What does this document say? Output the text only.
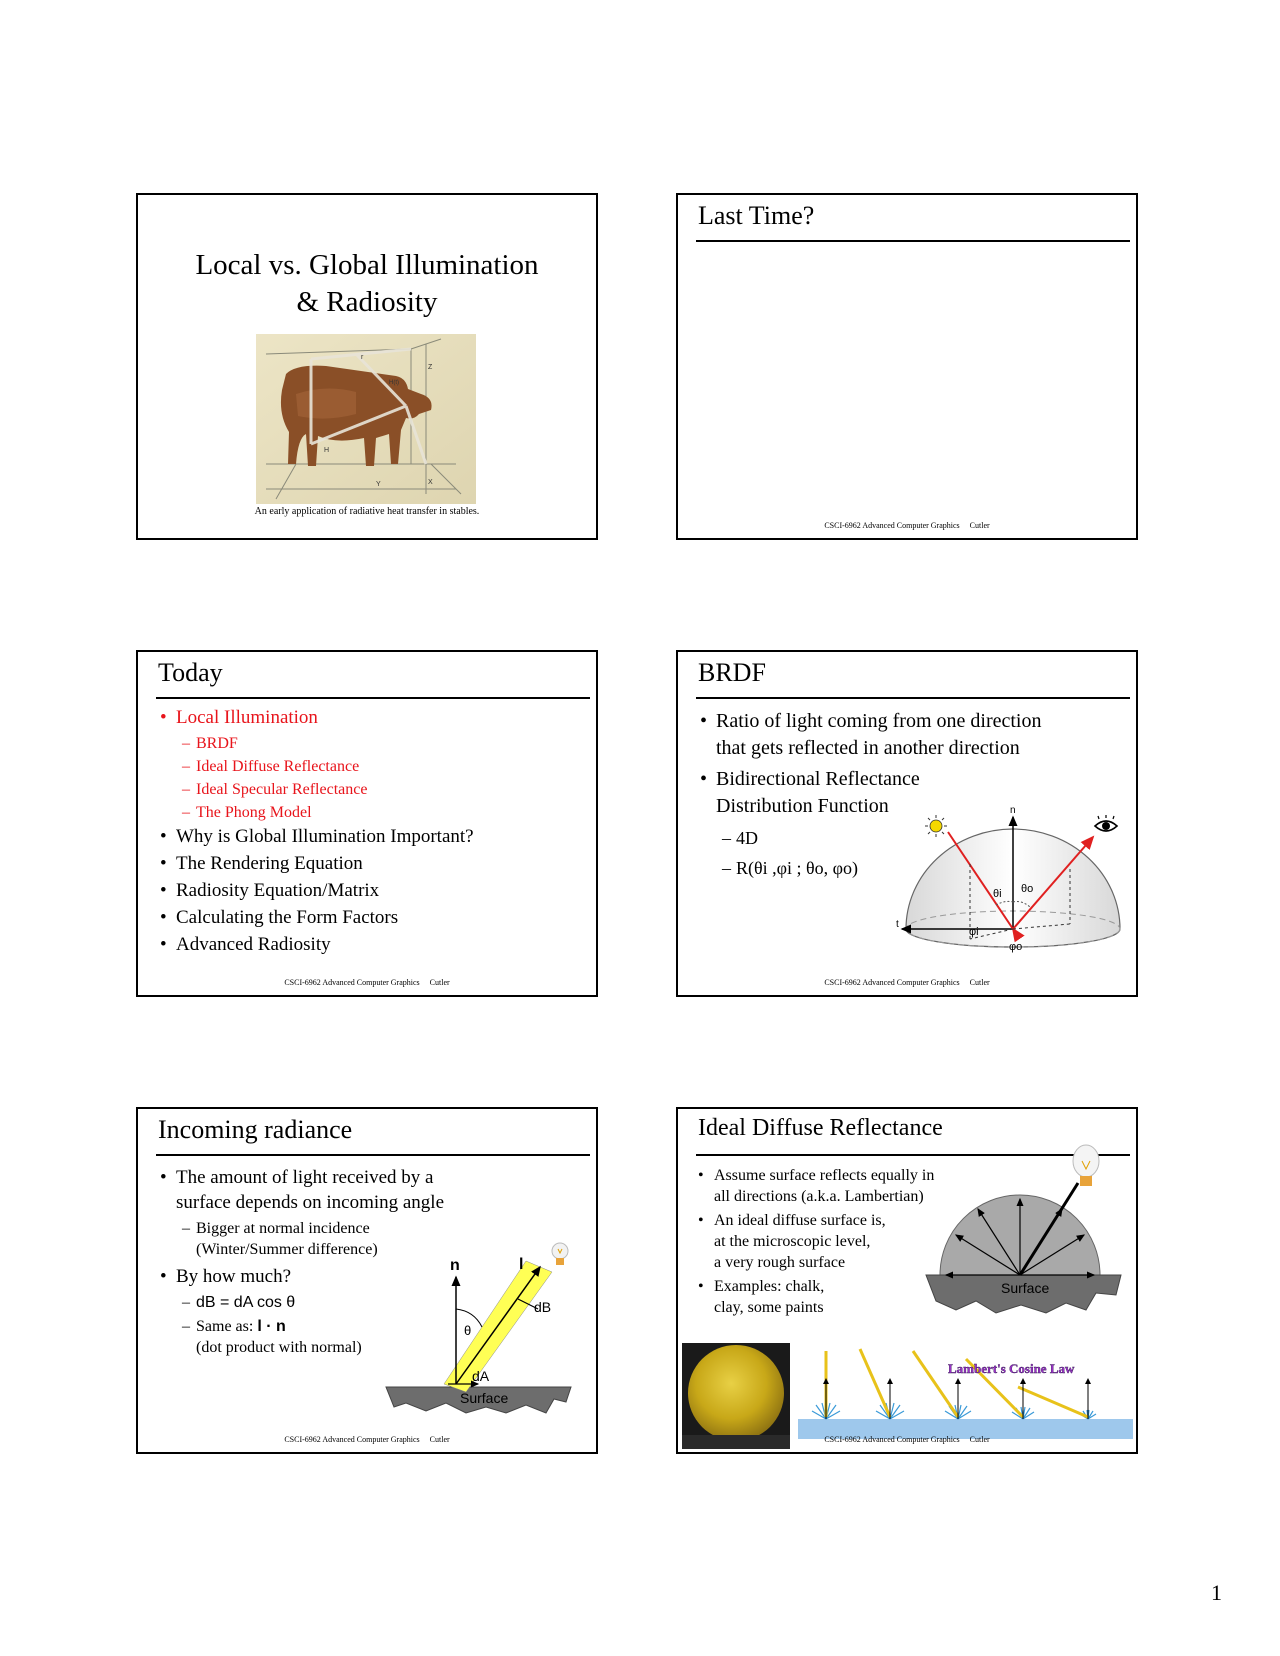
Local vs. Global Illumination
& Radiosity
r
Z
H(t)
H
Y	X
An early application of radiative heat transfer in stables.
Last Time?
CSCI-6962 Advanced Computer Graphics     Cutler
Today
• Local Illumination
– BRDF
– Ideal Diffuse Reflectance
– Ideal Specular Reflectance
– The Phong Model
• Why is Global Illumination Important?
• The Rendering Equation
• Radiosity Equation/Matrix
• Calculating the Form Factors
• Advanced Radiosity
CSCI-6962 Advanced Computer Graphics     Cutler
BRDF
• Ratio of light coming from one direction
that gets reflected in another direction
• Bidirectional Reflectance
Distribution Function
– 4D
– R(θi ,φi ; θo, φo)
n
t
θi θo
φi
φo
CSCI-6962 Advanced Computer Graphics     Cutler
Incoming radiance
• The amount of light received by a
surface depends on incoming angle
– Bigger at normal incidence
(Winter/Summer difference)
• By how much?
– dB = dA cos θ
– Same as: l · n
(dot product with normal)
n	l
θ
dB
dA
Surface
CSCI-6962 Advanced Computer Graphics     Cutler
Ideal Diffuse Reflectance
• Assume surface reflects equally in
all directions (a.k.a. Lambertian)
• An ideal diffuse surface is,
at the microscopic level,
a very rough surface
• Examples: chalk,
clay, some paints
Surface
Lambert's Cosine Law
CSCI-6962 Advanced Computer Graphics     Cutler
1
